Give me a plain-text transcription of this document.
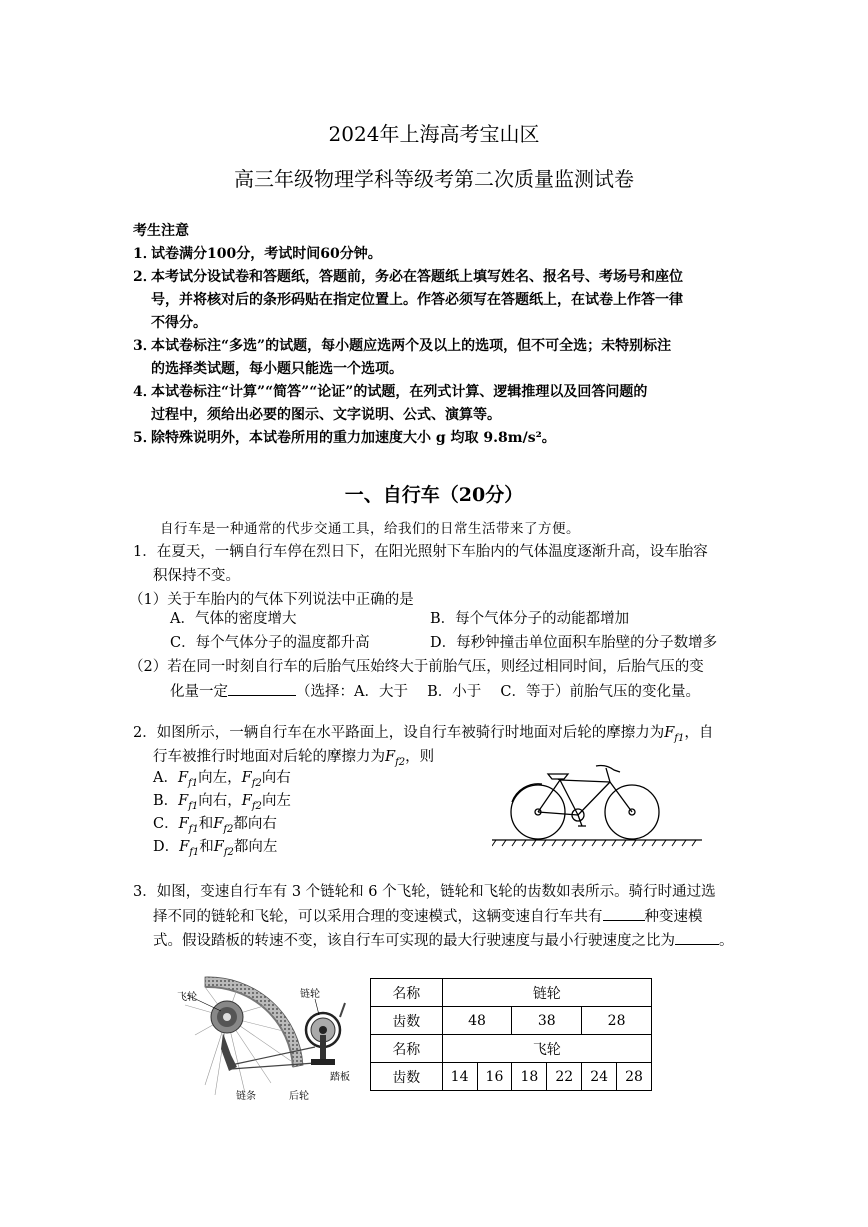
2024年上海高考宝山区
高三年级物理学科等级考第二次质量监测试卷
考生注意
1．试卷满分100分，考试时间60分钟。
2．本考试分设试卷和答题纸，答题前，务必在答题纸上填写姓名、报名号、考场号和座位
号，并将核对后的条形码贴在指定位置上。作答必须写在答题纸上，在试卷上作答一律
不得分。
3．本试卷标注“多选”的试题，每小题应选两个及以上的选项，但不可全选；未特别标注
的选择类试题，每小题只能选一个选项。
4．本试卷标注“计算”“简答”“论证”的试题，在列式计算、逻辑推理以及回答问题的
过程中，须给出必要的图示、文字说明、公式、演算等。
5．除特殊说明外，本试卷所用的重力加速度大小 g 均取 9.8m/s²。
一、自行车（20分）
自行车是一种通常的代步交通工具，给我们的日常生活带来了方便。
1．在夏天，一辆自行车停在烈日下，在阳光照射下车胎内的气体温度逐渐升高，设车胎容
积保持不变。
（1）关于车胎内的气体下列说法中正确的是
A．气体的密度增大	B．每个气体分子的动能都增加
C．每个气体分子的温度都升高	D．每秒钟撞击单位面积车胎壁的分子数增多
（2）若在同一时刻自行车的后胎气压始终大于前胎气压，则经过相同时间，后胎气压的变
化量一定	（选择：A．大于　 B．小于　 C．等于）前胎气压的变化量。
2．如图所示，一辆自行车在水平路面上，设自行车被骑行时地面对后轮的摩擦力为$F_{f1}$，自
行车被推行时地面对后轮的摩擦力为$F_{f2}$，则
A．$F_{f1}$向左，$F_{f2}$向右
B．$F_{f1}$向右，$F_{f2}$向左
C．$F_{f1}$和$F_{f2}$都向右
D．$F_{f1}$和$F_{f2}$都向左
3．如图，变速自行车有 3 个链轮和 6 个飞轮，链轮和飞轮的齿数如表所示。骑行时通过选
择不同的链轮和飞轮，可以采用合理的变速模式，这辆变速自行车共有	种变速模
式。假设踏板的转速不变，该自行车可实现的最大行驶速度与最小行驶速度之比为	。
飞轮	链轮
链条	后轮
踏板
名称	链轮					
齿数	48		38		28	
名称	飞轮					
齿数	14	16	18	22	24	28
